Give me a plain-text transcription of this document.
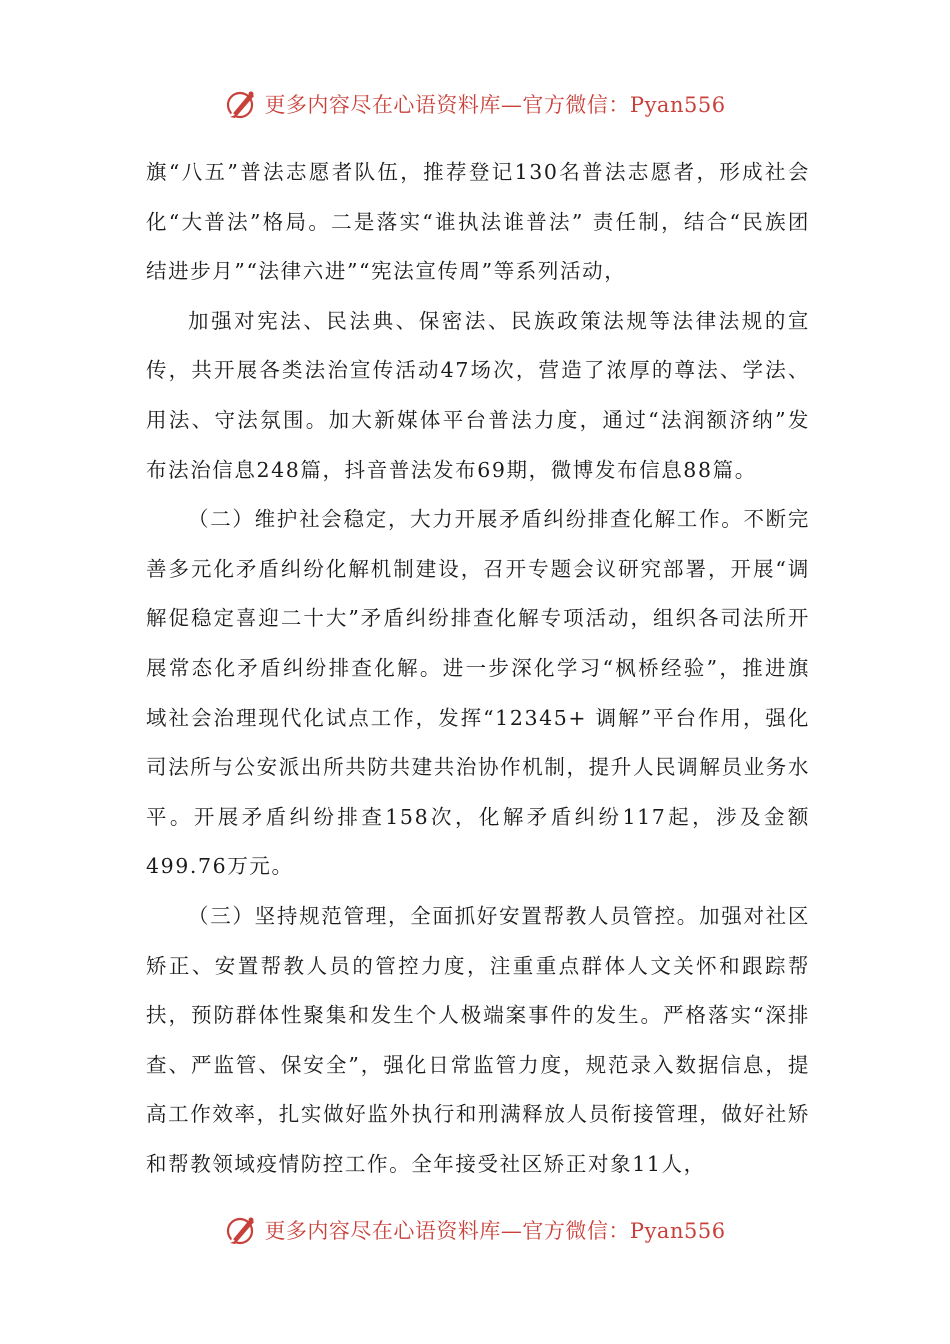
更多内容尽在心语资料库—官方微信：Pyan556

旗“八五”普法志愿者队伍，推荐登记130名普法志愿者，形成社会化“大普法”格局。二是落实“谁执法谁普法” 责任制，结合“民族团结进步月”“法律六进”“宪法宣传周”等系列活动，

加强对宪法、民法典、保密法、民族政策法规等法律法规的宣传，共开展各类法治宣传活动47场次，营造了浓厚的尊法、学法、用法、守法氛围。加大新媒体平台普法力度，通过“法润额济纳”发布法治信息248篇，抖音普法发布69期，微博发布信息88篇。

（二）维护社会稳定，大力开展矛盾纠纷排查化解工作。不断完善多元化矛盾纠纷化解机制建设，召开专题会议研究部署，开展“调解促稳定喜迎二十大”矛盾纠纷排查化解专项活动，组织各司法所开展常态化矛盾纠纷排查化解。进一步深化学习“枫桥经验”，推进旗域社会治理现代化试点工作，发挥“12345+ 调解”平台作用，强化司法所与公安派出所共防共建共治协作机制，提升人民调解员业务水平。开展矛盾纠纷排查158次，化解矛盾纠纷117起，涉及金额499.76万元。

（三）坚持规范管理，全面抓好安置帮教人员管控。加强对社区矫正、安置帮教人员的管控力度，注重重点群体人文关怀和跟踪帮扶，预防群体性聚集和发生个人极端案事件的发生。严格落实“深排查、严监管、保安全”，强化日常监管力度，规范录入数据信息，提高工作效率，扎实做好监外执行和刑满释放人员衔接管理，做好社矫和帮教领域疫情防控工作。全年接受社区矫正对象11人，

更多内容尽在心语资料库—官方微信：Pyan556
